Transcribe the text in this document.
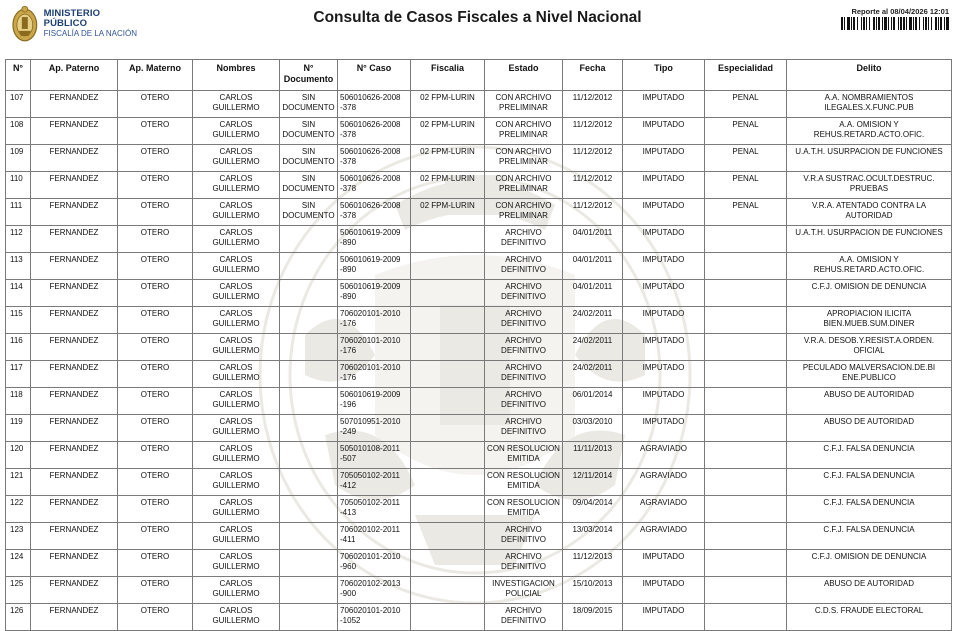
MINISTERIO PÚBLICO
FISCALÍA DE LA NACIÓN
Consulta de Casos Fiscales a Nivel Nacional	Reporte al 08/04/2026 12:01
N°	Ap. Paterno	Ap. Materno	Nombres	N° Documento	N° Caso	Fiscalia	Estado	Fecha	Tipo	Especialidad	Delito
107	FERNANDEZ	OTERO	CARLOS GUILLERMO	SIN DOCUMENTO	506010626-2008 -378	02 FPM-LURIN	CON ARCHIVO PRELIMINAR	11/12/2012	IMPUTADO	PENAL	A.A. NOMBRAMIENTOS ILEGALES.X.FUNC.PUB
108	FERNANDEZ	OTERO	CARLOS GUILLERMO	SIN DOCUMENTO	506010626-2008 -378	02 FPM-LURIN	CON ARCHIVO PRELIMINAR	11/12/2012	IMPUTADO	PENAL	A.A. OMISION Y REHUS.RETARD.ACTO.OFIC.
109	FERNANDEZ	OTERO	CARLOS GUILLERMO	SIN DOCUMENTO	506010626-2008 -378	02 FPM-LURIN	CON ARCHIVO PRELIMINAR	11/12/2012	IMPUTADO	PENAL	U.A.T.H. USURPACION DE FUNCIONES
110	FERNANDEZ	OTERO	CARLOS GUILLERMO	SIN DOCUMENTO	506010626-2008 -378	02 FPM-LURIN	CON ARCHIVO PRELIMINAR	11/12/2012	IMPUTADO	PENAL	V.R.A SUSTRAC.OCULT.DESTRUC. PRUEBAS
111	FERNANDEZ	OTERO	CARLOS GUILLERMO	SIN DOCUMENTO	506010626-2008 -378	02 FPM-LURIN	CON ARCHIVO PRELIMINAR	11/12/2012	IMPUTADO	PENAL	V.R.A. ATENTADO CONTRA LA AUTORIDAD
112	FERNANDEZ	OTERO	CARLOS GUILLERMO		506010619-2009 -890		ARCHIVO DEFINITIVO	04/01/2011	IMPUTADO		U.A.T.H. USURPACION DE FUNCIONES
113	FERNANDEZ	OTERO	CARLOS GUILLERMO		506010619-2009 -890		ARCHIVO DEFINITIVO	04/01/2011	IMPUTADO		A.A. OMISION Y REHUS.RETARD.ACTO.OFIC.
114	FERNANDEZ	OTERO	CARLOS GUILLERMO		506010619-2009 -890		ARCHIVO DEFINITIVO	04/01/2011	IMPUTADO		C.F.J. OMISION DE DENUNCIA
115	FERNANDEZ	OTERO	CARLOS GUILLERMO		706020101-2010 -176		ARCHIVO DEFINITIVO	24/02/2011	IMPUTADO		APROPIACION ILICITA BIEN.MUEB.SUM.DINER
116	FERNANDEZ	OTERO	CARLOS GUILLERMO		706020101-2010 -176		ARCHIVO DEFINITIVO	24/02/2011	IMPUTADO		V.R.A. DESOB.Y.RESIST.A.ORDEN. OFICIAL
117	FERNANDEZ	OTERO	CARLOS GUILLERMO		706020101-2010 -176		ARCHIVO DEFINITIVO	24/02/2011	IMPUTADO		PECULADO MALVERSACION.DE.BI ENE.PUBLICO
118	FERNANDEZ	OTERO	CARLOS GUILLERMO		506010619-2009 -196		ARCHIVO DEFINITIVO	06/01/2014	IMPUTADO		ABUSO DE AUTORIDAD
119	FERNANDEZ	OTERO	CARLOS GUILLERMO		507010951-2010 -249		ARCHIVO DEFINITIVO	03/03/2010	IMPUTADO		ABUSO DE AUTORIDAD
120	FERNANDEZ	OTERO	CARLOS GUILLERMO		505010108-2011 -507		CON RESOLUCION EMITIDA	11/11/2013	AGRAVIADO		C.F.J. FALSA DENUNCIA
121	FERNANDEZ	OTERO	CARLOS GUILLERMO		705050102-2011 -412		CON RESOLUCION EMITIDA	12/11/2014	AGRAVIADO		C.F.J. FALSA DENUNCIA
122	FERNANDEZ	OTERO	CARLOS GUILLERMO		705050102-2011 -413		CON RESOLUCION EMITIDA	09/04/2014	AGRAVIADO		C.F.J. FALSA DENUNCIA
123	FERNANDEZ	OTERO	CARLOS GUILLERMO		706020102-2011 -411		ARCHIVO DEFINITIVO	13/03/2014	AGRAVIADO		C.F.J. FALSA DENUNCIA
124	FERNANDEZ	OTERO	CARLOS GUILLERMO		706020101-2010 -960		ARCHIVO DEFINITIVO	11/12/2013	IMPUTADO		C.F.J. OMISION DE DENUNCIA
125	FERNANDEZ	OTERO	CARLOS GUILLERMO		706020102-2013 -900		INVESTIGACION POLICIAL	15/10/2013	IMPUTADO		ABUSO DE AUTORIDAD
126	FERNANDEZ	OTERO	CARLOS GUILLERMO		706020101-2010 -1052		ARCHIVO DEFINITIVO	18/09/2015	IMPUTADO		C.D.S. FRAUDE ELECTORAL
